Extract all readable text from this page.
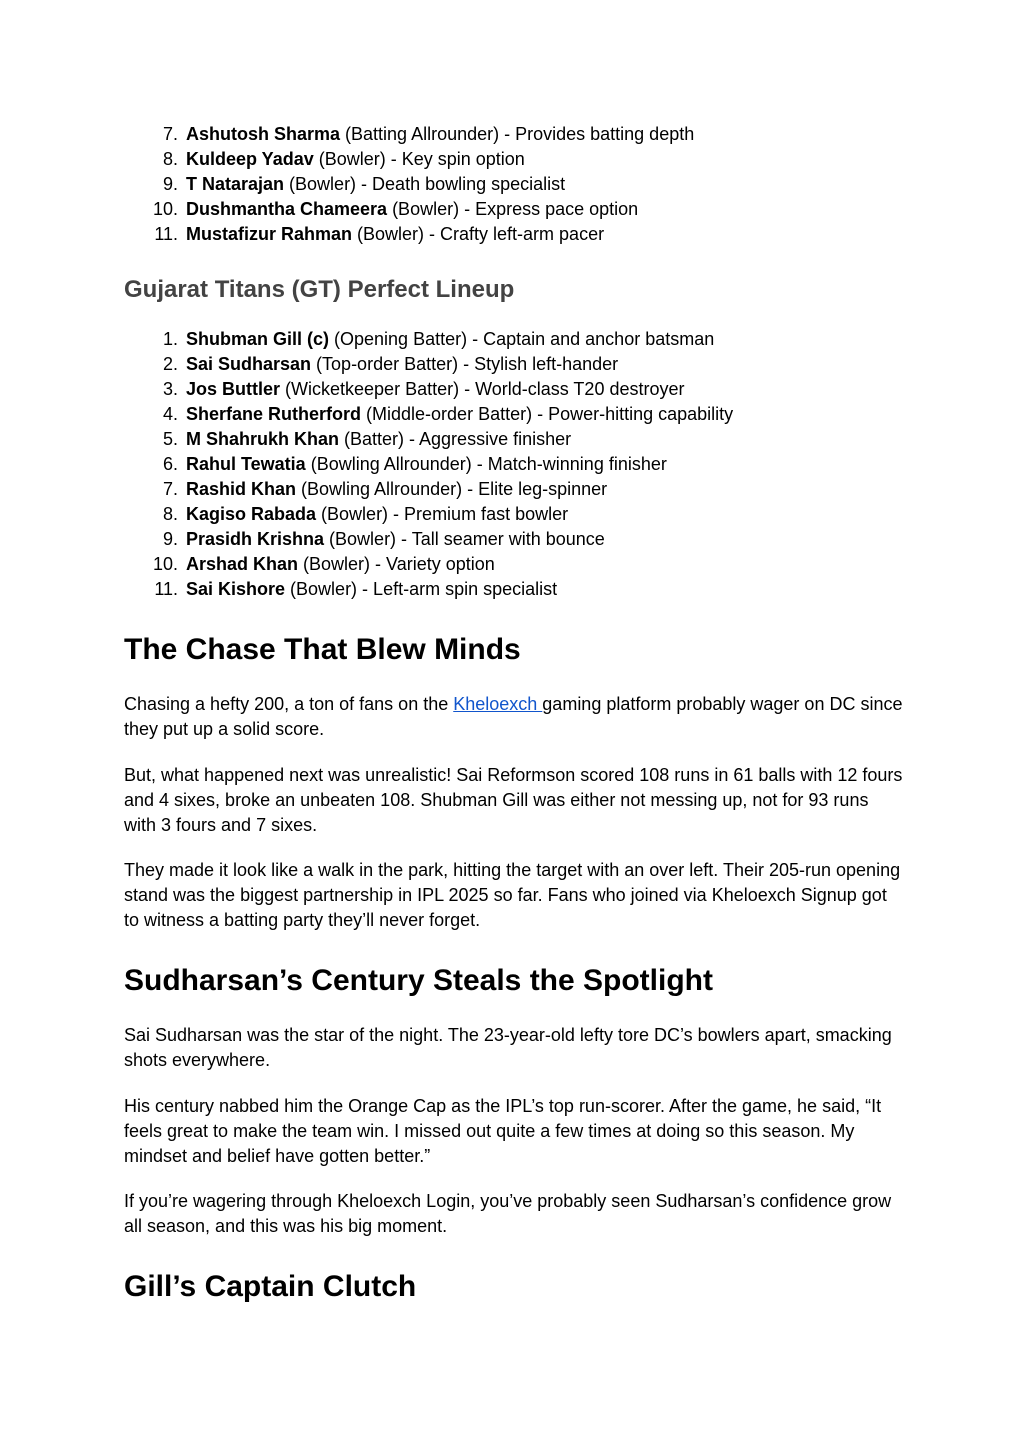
7. Ashutosh Sharma (Batting Allrounder) - Provides batting depth
8. Kuldeep Yadav (Bowler) - Key spin option
9. T Natarajan (Bowler) - Death bowling specialist
10. Dushmantha Chameera (Bowler) - Express pace option
11. Mustafizur Rahman (Bowler) - Crafty left-arm pacer
Gujarat Titans (GT) Perfect Lineup
1. Shubman Gill (c) (Opening Batter) - Captain and anchor batsman
2. Sai Sudharsan (Top-order Batter) - Stylish left-hander
3. Jos Buttler (Wicketkeeper Batter) - World-class T20 destroyer
4. Sherfane Rutherford (Middle-order Batter) - Power-hitting capability
5. M Shahrukh Khan (Batter) - Aggressive finisher
6. Rahul Tewatia (Bowling Allrounder) - Match-winning finisher
7. Rashid Khan (Bowling Allrounder) - Elite leg-spinner
8. Kagiso Rabada (Bowler) - Premium fast bowler
9. Prasidh Krishna (Bowler) - Tall seamer with bounce
10. Arshad Khan (Bowler) - Variety option
11. Sai Kishore (Bowler) - Left-arm spin specialist
The Chase That Blew Minds

Chasing a hefty 200, a ton of fans on the Kheloexch gaming platform probably wager on DC since they put up a solid score.

But, what happened next was unrealistic! Sai Reformson scored 108 runs in 61 balls with 12 fours and 4 sixes, broke an unbeaten 108. Shubman Gill was either not messing up, not for 93 runs with 3 fours and 7 sixes.

They made it look like a walk in the park, hitting the target with an over left. Their 205-run opening stand was the biggest partnership in IPL 2025 so far. Fans who joined via Kheloexch Signup got to witness a batting party they’ll never forget.

Sudharsan’s Century Steals the Spotlight

Sai Sudharsan was the star of the night. The 23-year-old lefty tore DC’s bowlers apart, smacking shots everywhere.

His century nabbed him the Orange Cap as the IPL’s top run-scorer. After the game, he said, “It feels great to make the team win. I missed out quite a few times at doing so this season. My mindset and belief have gotten better.”

If you’re wagering through Kheloexch Login, you’ve probably seen Sudharsan’s confidence grow all season, and this was his big moment.

Gill’s Captain Clutch
